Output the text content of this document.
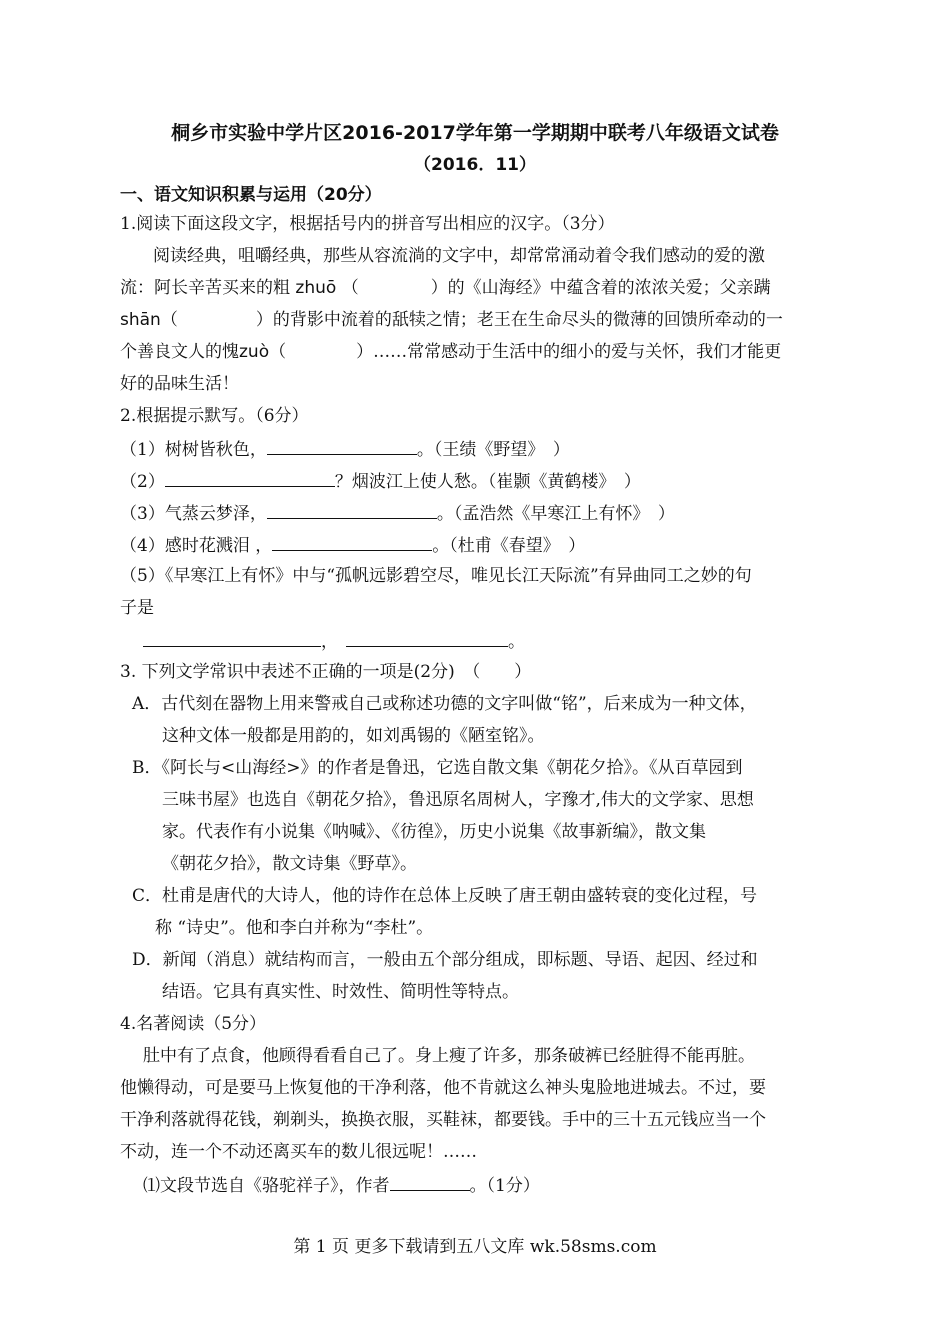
桐乡市实验中学片区2016-2017学年第一学期期中联考八年级语文试卷
（2016．11）
一、语文知识积累与运用（20分）
1.阅读下面这段文字，根据括号内的拼音写出相应的汉字。（3分）
阅读经典，咀嚼经典，那些从容流淌的文字中，却常常涌动着令我们感动的爱的激
流：阿长辛苦买来的粗 zhuō （	）的《山海经》中蕴含着的浓浓关爱；父亲蹒
shān（	）的背影中流着的舐犊之情；老王在生命尽头的微薄的回馈所牵动的一
个善良文人的愧zuò（	）……常常感动于生活中的细小的爱与关怀，我们才能更
好的品味生活！
2.根据提示默写。（6分）
（1）树树皆秋色，	。（王绩《野望》　）
（2）	？烟波江上使人愁。（崔颢《黄鹤楼》　）
（3）气蒸云梦泽，	。（孟浩然《早寒江上有怀》　）
（4）感时花溅泪 ，	。（杜甫《春望》　）
（5）《早寒江上有怀》中与“孤帆远影碧空尽，唯见长江天际流”有异曲同工之妙的句
子是
，	。
3. 下列文学常识中表述不正确的一项是(2分)　（　　）
A．古代刻在器物上用来警戒自己或称述功德的文字叫做“铭”，后来成为一种文体，
这种文体一般都是用韵的，如刘禹锡的《陋室铭》。
B．《阿长与<山海经>》的作者是鲁迅，它选自散文集《朝花夕拾》。《从百草园到
三味书屋》也选自《朝花夕拾》，鲁迅原名周树人，字豫才,伟大的文学家、思想
家。代表作有小说集《呐喊》、《彷徨》，历史小说集《故事新编》，散文集
《朝花夕拾》，散文诗集《野草》。
C．杜甫是唐代的大诗人，他的诗作在总体上反映了唐王朝由盛转衰的变化过程，号
称 “诗史”。他和李白并称为“李杜”。
D．新闻（消息）就结构而言，一般由五个部分组成，即标题、导语、起因、经过和
结语。它具有真实性、时效性、简明性等特点。
4.名著阅读（5分）
肚中有了点食，他顾得看看自己了。身上瘦了许多，那条破裤已经脏得不能再脏。
他懒得动，可是要马上恢复他的干净利落，他不肯就这么神头鬼脸地进城去。不过，要
干净利落就得花钱，剃剃头，换换衣服，买鞋袜，都要钱。手中的三十五元钱应当一个
不动，连一个不动还离买车的数儿很远呢！……
⑴文段节选自《骆驼祥子》，作者	。（1分）
第 1 页 更多下载请到五八文库 wk.58sms.com
